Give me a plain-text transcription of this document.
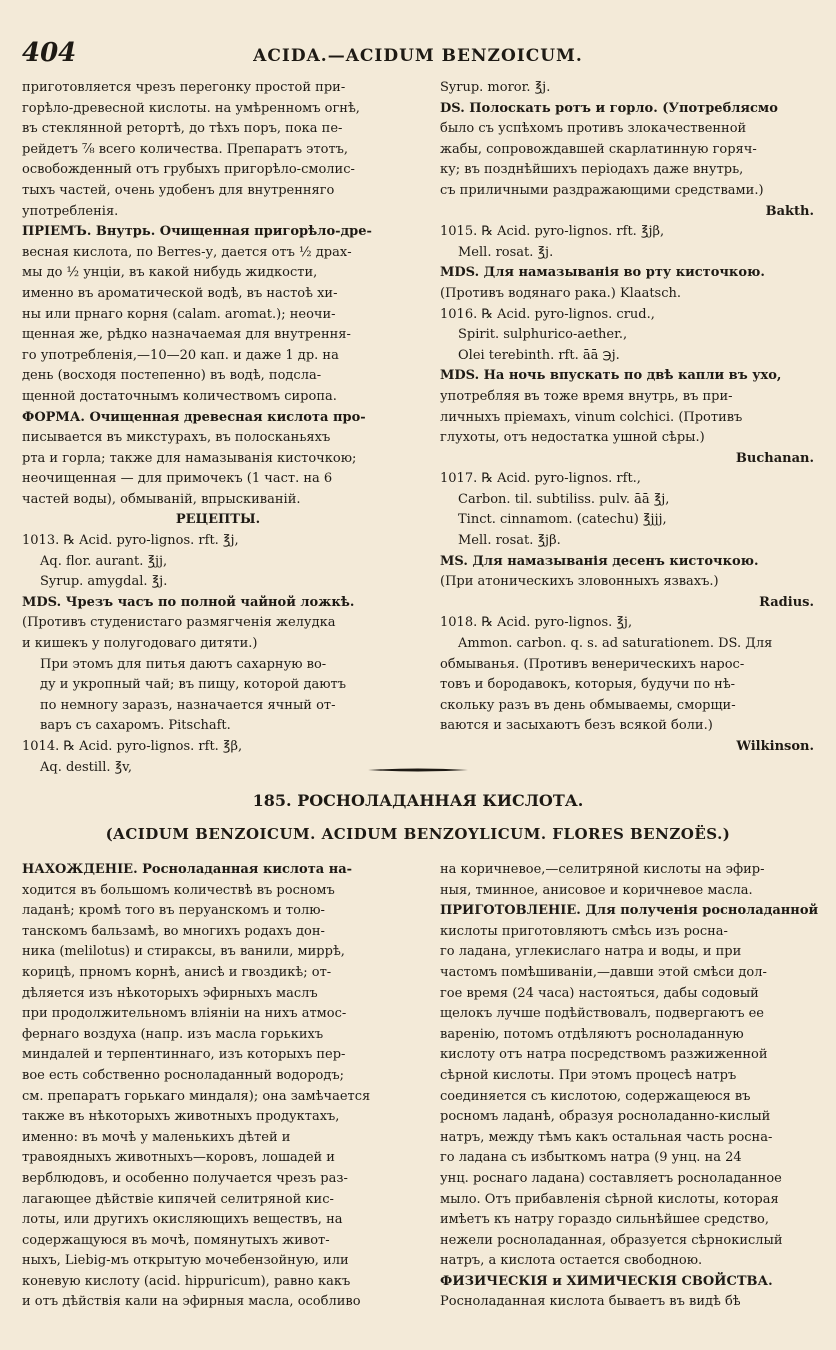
404	ACIDA.—ACIDUM BENZOICUM.
приготовляется чрезъ перегонку простой при-
горѣло-древесной кислоты. на умѣренномъ огнѣ,
въ стеклянной ретортѣ, до тѣхъ поръ, пока пе-
рейдетъ ⅞ всего количества. Препаратъ этотъ,
освобожденный отъ грубыхъ пригорѣло-смолис-
тыхъ частей, очень удобенъ для внутренняго
употребленія.
ПРІЕМЪ. Внутрь. Очищенная пригорѣло-дре-
весная кислота, по Berres-у, дается отъ ½ драх-
мы до ½ унціи, въ какой нибудь жидкости,
именно въ ароматической водѣ, въ настоѣ хи-
ны или прнаго корня (calam. aromat.); неочи-
щенная же, рѣдко назначаемая для внутрення-
го употребленія,—10—20 кап. и даже 1 др. на
день (восходя постепенно) въ водѣ, подсла-
щенной достаточнымъ количествомъ сиропа.
ФОРМА. Очищенная древесная кислота про-
писывается въ микстурахъ, въ полосканьяхъ
рта и горла; также для намазыванія кисточкою;
неочищенная — для примочекъ (1 част. на 6
частей воды), обмываній, впрыскиваній.
РЕЦЕПТЫ.
1013. ℞ Acid. pyro-lignos. rft. ℥j,
Aq. flor. aurant. ℥jj,
Syrup. amygdal. ℥j.
MDS. Чрезъ часъ по полной чайной ложкѣ.
(Противъ студенистаго размягченія желудка
и кишекъ у полугодоваго дитяти.)
При этомъ для питья даютъ сахарную во-
ду и укропный чай; въ пищу, которой даютъ
по немногу заразъ, назначается ячный от-
варъ съ сахаромъ. Pitschaft.
1014. ℞ Acid. pyro-lignos. rft. ℥β,
Aq. destill. ℥v,
Syrup. moror. ℥j.
DS. Полоскать ротъ и горло. (Употреблясмо
было съ успѣхомъ противъ злокачественной
жабы, сопровождавшей скарлатинную горяч-
ку; въ позднѣйшихъ періодахъ даже внутрь,
съ приличными раздражающими средствами.)
Bakth.
1015. ℞ Acid. pyro-lignos. rft. ℥jβ,
Mell. rosat. ℥j.
MDS. Для намазыванія во рту кисточкою.
(Противъ водянаго рака.) Klaatsch.
1016. ℞ Acid. pyro-lignos. crud.,
Spirit. sulphurico-aether.,
Olei terebinth. rft. āā ℈j.
MDS. На ночь впускать по двѣ капли въ ухо,
употребляя въ тоже время внутрь, въ при-
личныхъ пріемахъ, vinum colchici. (Противъ
глухоты, отъ недостатка ушной сѣры.)
Buchanan.
1017. ℞ Acid. pyro-lignos. rft.,
Carbon. til. subtiliss. pulv. āā ℥j,
Tinct. cinnamom. (catechu) ℥jjj,
Mell. rosat. ℥jβ.
MS. Для намазыванія десенъ кисточкою.
(При атоническихъ зловонныхъ язвахъ.)
Radius.
1018. ℞ Acid. pyro-lignos. ℥j,
Ammon. carbon. q. s. ad saturationem. DS. Для
обмыванья. (Противъ венерическихъ нарос-
товъ и бородавокъ, которыя, будучи по нѣ-
скольку разъ въ день обмываемы, сморщи-
ваются и засыхаютъ безъ всякой боли.)
Wilkinson.
185. РОСНОЛАДАННАЯ КИСЛОТА.
(ACIDUM BENZOICUM. ACIDUM BENZOYLICUM. FLORES BENZOËS.)
НАХОЖДЕНІЕ. Росноладанная кислота на-
ходится въ большомъ количествѣ въ росномъ
ладанѣ; кромѣ того въ перуанскомъ и толю-
танскомъ бальзамѣ, во многихъ родахъ дон-
ника (melilotus) и стираксы, въ ванили, миррѣ,
корицѣ, прномъ корнѣ, анисѣ и гвоздикѣ; от-
дѣляется изъ нѣкоторыхъ эфирныхъ маслъ
при продолжительномъ вліяніи на нихъ атмос-
фернаго воздуха (напр. изъ масла горькихъ
миндалей и терпентиннаго, изъ которыхъ пер-
вое есть собственно росноладанный водородъ;
см. препаратъ горькаго миндаля); она замѣчается
также въ нѣкоторыхъ животныхъ продуктахъ,
именно: въ мочѣ у маленькихъ дѣтей и
травоядныхъ животныхъ—коровъ, лошадей и
верблюдовъ, и особенно получается чрезъ раз-
лагающее дѣйствіе кипячей селитряной кис-
лоты, или другихъ окисляющихъ веществъ, на
содержащуюся въ мочѣ, помянутыхъ живот-
ныхъ, Liebig-мъ открытую мочебензойную, или
коневую кислоту (acid. hippuricum), равно какъ
и отъ дѣйствія кали на эфирныя масла, особливо
на коричневое,—селитряной кислоты на эфир-
ныя, тминное, анисовое и коричневое масла.
ПРИГОТОВЛЕНІЕ. Для полученія росноладанной
кислоты приготовляютъ смѣсь изъ росна-
го ладана, углекислаго натра и воды, и при
частомъ помѣшиваніи,—давши этой смѣси дол-
гое время (24 часа) настояться, дабы содовый
щелокъ лучше подѣйствовалъ, подвергаютъ ее
варенію, потомъ отдѣляютъ росноладанную
кислоту отъ натра посредствомъ разжиженной
сѣрной кислоты. При этомъ процесѣ натръ
соединяется съ кислотою, содержащеюся въ
росномъ ладанѣ, образуя росноладанно-кислый
натръ, между тѣмъ какъ остальная часть росна-
го ладана съ избыткомъ натра (9 унц. на 24
унц. роснаго ладана) составляетъ росноладанное
мыло. Отъ прибавленія сѣрной кислоты, которая
имѣетъ къ натру гораздо сильнѣйшее средство,
нежели росноладанная, образуется сѣрнокислый
натръ, а кислота остается свободною.
ФИЗИЧЕСКІЯ и ХИМИЧЕСКІЯ СВОЙСТВА.
Росноладанная кислота бываетъ въ видѣ бѣ
